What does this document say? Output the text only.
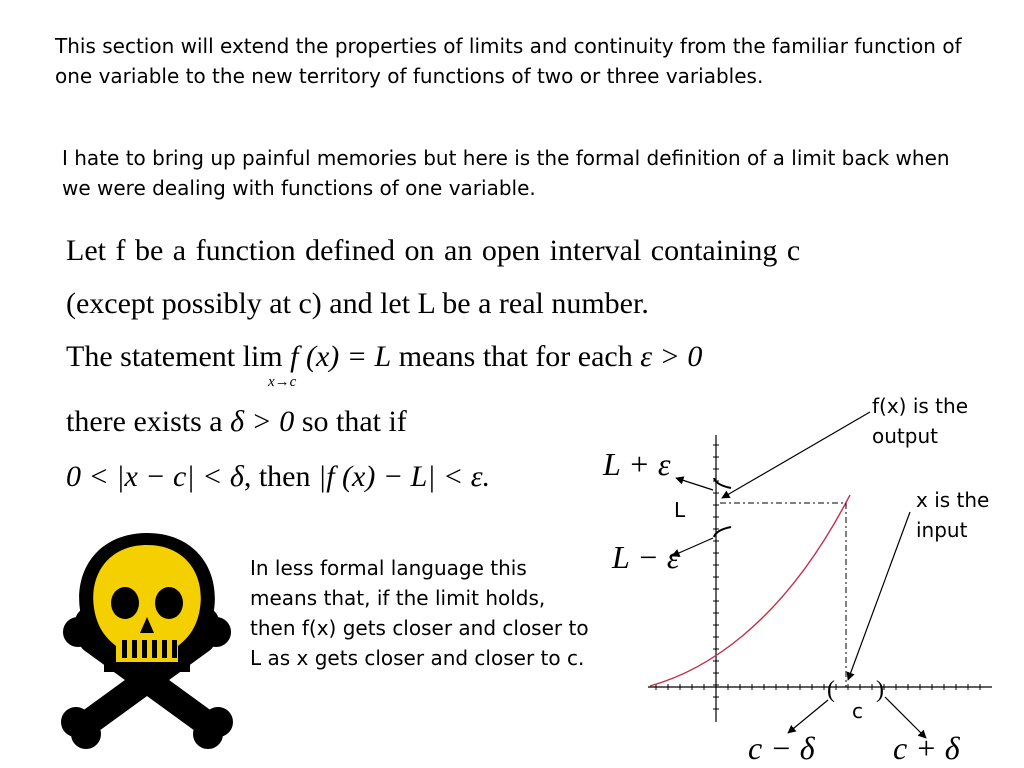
This section will extend the properties of limits and continuity from the familiar function of one variable to the new territory of functions of two or three variables.
I hate to bring up painful memories but here is the formal definition of a limit back when we were dealing with functions of one variable.
Let f be a function defined on an open interval containing c
(except possibly at c) and let L be a real number.
The statement lim f (x) = L means that for each ε > 0
x→c
there exists a δ > 0 so that if
0 < |x − c| < δ, then |f (x) − L| < ε.
In less formal language this means that, if the limit holds, then f(x) gets closer and closer to L as x gets closer and closer to c.
( )
f(x) is the output
x is the input
L
c
L + ε
L − ε
c − δ c + δ
